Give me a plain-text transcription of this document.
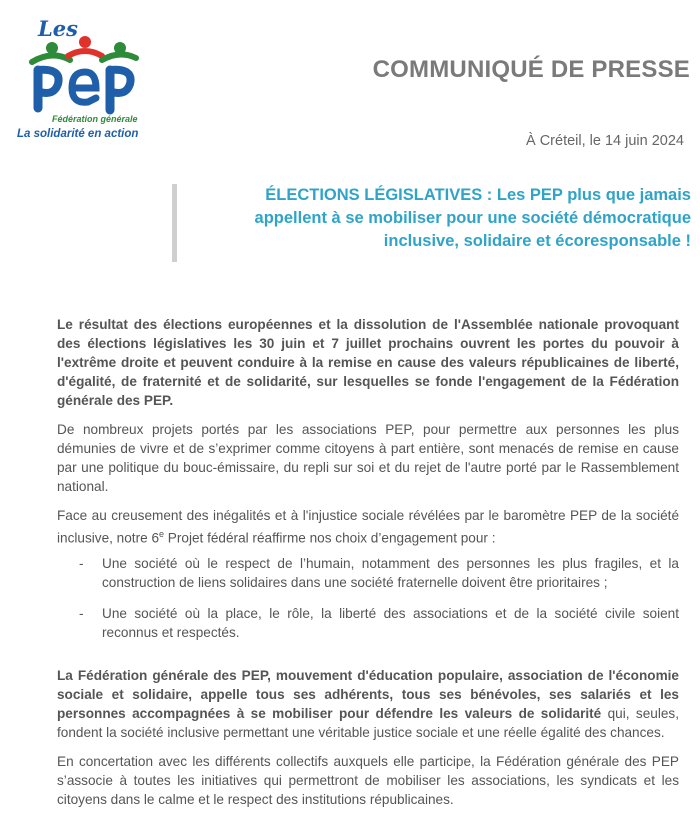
Les
Fédération générale
La solidarité en action
COMMUNIQUÉ DE PRESSE
À Créteil, le 14 juin 2024
ÉLECTIONS LÉGISLATIVES : Les PEP plus que jamais
appellent à se mobiliser pour une société démocratique
inclusive, solidaire et écoresponsable !

Le résultat des élections européennes et la dissolution de l'Assemblée nationale provoquant des élections législatives les 30 juin et 7 juillet prochains ouvrent les portes du pouvoir à l'extrême droite et peuvent conduire à la remise en cause des valeurs républicaines de liberté, d'égalité, de fraternité et de solidarité, sur lesquelles se fonde l'engagement de la Fédération générale des PEP.

De nombreux projets portés par les associations PEP, pour permettre aux personnes les plus démunies de vivre et de s’exprimer comme citoyens à part entière, sont menacés de remise en cause par une politique du bouc-émissaire, du repli sur soi et du rejet de l'autre porté par le Rassemblement national.

Face au creusement des inégalités et à l'injustice sociale révélées par le baromètre PEP de la société inclusive, notre 6e Projet fédéral réaffirme nos choix d’engagement pour :

- Une société où le respect de l’humain, notamment des personnes les plus fragiles, et la construction de liens solidaires dans une société fraternelle doivent être prioritaires ;
- Une société où la place, le rôle, la liberté des associations et de la société civile soient reconnus et respectés.

La Fédération générale des PEP, mouvement d'éducation populaire, association de l'économie sociale et solidaire, appelle tous ses adhérents, tous ses bénévoles, ses salariés et les personnes accompagnées à se mobiliser pour défendre les valeurs de solidarité qui, seules, fondent la société inclusive permettant une véritable justice sociale et une réelle égalité des chances.

En concertation avec les différents collectifs auxquels elle participe, la Fédération générale des PEP s’associe à toutes les initiatives qui permettront de mobiliser les associations, les syndicats et les citoyens dans le calme et le respect des institutions républicaines.
